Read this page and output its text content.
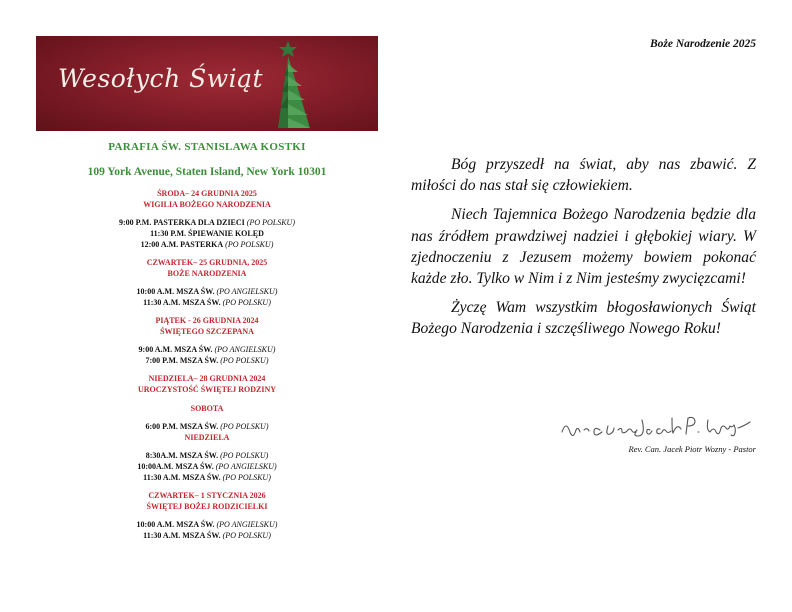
Wesołych Świąt
PARAFIA ŚW. STANISLAWA KOSTKI
109 York Avenue, Staten Island, New York 10301
ŚRODA– 24 GRUDNIA 2025
WIGILIA BOŻEGO NARODZENIA
9:00 P.M. PASTERKA DLA DZIECI (PO POLSKU)
11:30 P.M. ŚPIEWANIE KOLĘD
12:00 A.M. PASTERKA (PO POLSKU)
CZWARTEK– 25 GRUDNIA, 2025
BOŻE NARODZENIA
10:00 A.M. MSZA ŚW. (PO ANGIELSKU)
11:30 A.M. MSZA ŚW. (PO POLSKU)
PIĄTEK - 26 GRUDNIA 2024
ŚWIĘTEGO SZCZEPANA
9:00 A.M. MSZA ŚW. (PO ANGIELSKU)
7:00 P.M. MSZA ŚW. (PO POLSKU)
NIEDZIELA– 28 GRUDNIA 2024
UROCZYSTOŚĆ ŚWIĘTEJ RODZINY
SOBOTA
6:00 P.M. MSZA ŚW. (PO POLSKU)
NIEDZIELA
8:30A.M. MSZA ŚW. (PO POLSKU)
10:00A.M. MSZA ŚW. (PO ANGIELSKU)
11:30 A.M. MSZA ŚW. (PO POLSKU)
CZWARTEK– 1 STYCZNIA 2026
ŚWIĘTEJ BOŻEJ RODZICIELKI
10:00 A.M. MSZA ŚW. (PO ANGIELSKU)
11:30 A.M. MSZA ŚW. (PO POLSKU)
Boże Narodzenie 2025

Bóg przyszedł na świat, aby nas zbawić. Z miłości do nas stał się człowiekiem.

Niech Tajemnica Bożego Narodzenia będzie dla nas źródłem prawdziwej nadziei i głębokiej wiary. W zjednoczeniu z Jezusem możemy bowiem pokonać każde zło. Tylko w Nim i z Nim jesteśmy zwycięzcami!

Życzę Wam wszystkim błogosławionych Świąt Bożego Narodzenia i szczęśliwego Nowego Roku!

Rev. Can. Jacek Piotr Wozny - Pastor
